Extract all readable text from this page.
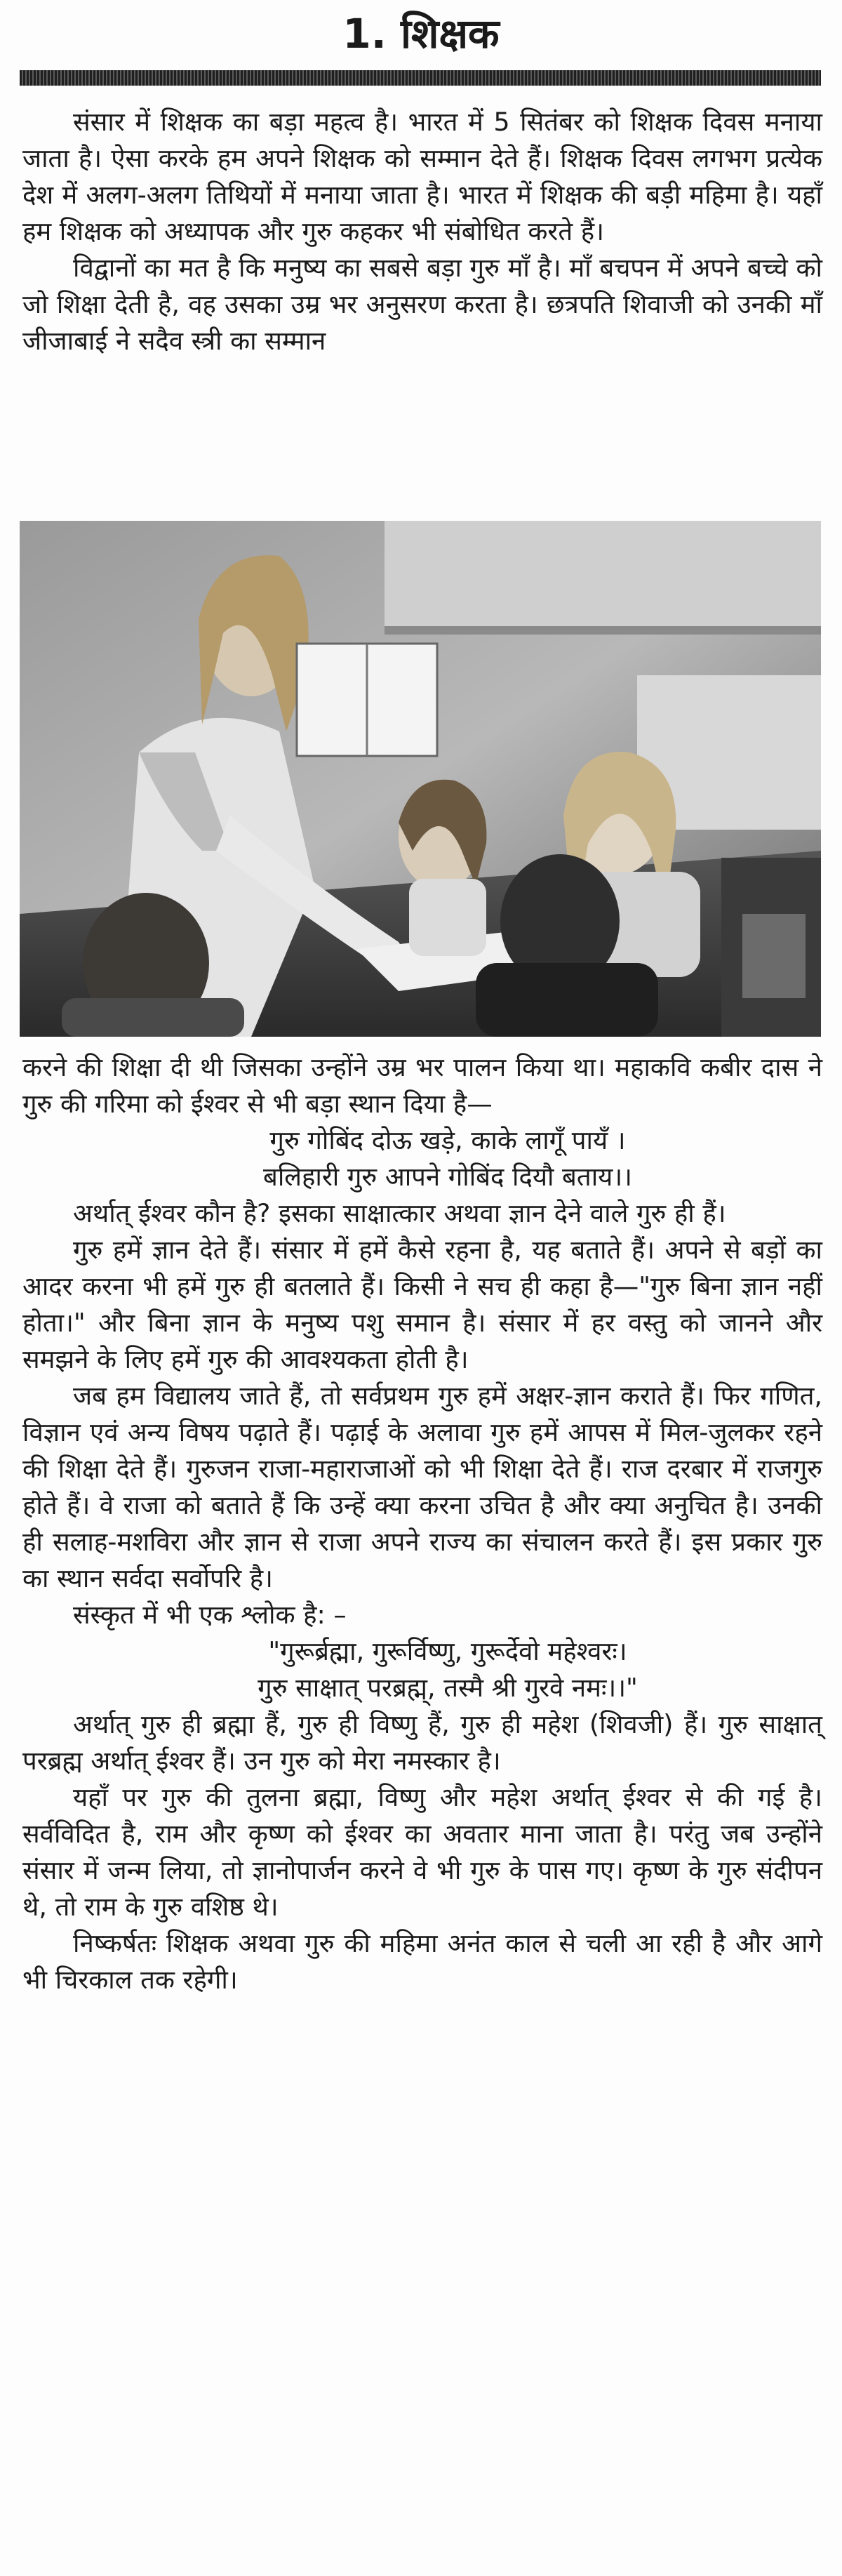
1. शिक्षक

संसार में शिक्षक का बड़ा महत्व है। भारत में 5 सितंबर को शिक्षक दिवस मनाया जाता है। ऐसा करके हम अपने शिक्षक को सम्मान देते हैं। शिक्षक दिवस लगभग प्रत्येक देश में अलग-अलग तिथियों में मनाया जाता है। भारत में शिक्षक की बड़ी महिमा है। यहाँ हम शिक्षक को अध्यापक और गुरु कहकर भी संबोधित करते हैं।

विद्वानों का मत है कि मनुष्य का सबसे बड़ा गुरु माँ है। माँ बचपन में अपने बच्चे को जो शिक्षा देती है, वह उसका उम्र भर अनुसरण करता है। छत्रपति शिवाजी को उनकी माँ जीजाबाई ने सदैव स्त्री का सम्मान

करने की शिक्षा दी थी जिसका उन्होंने उम्र भर पालन किया था। महाकवि कबीर दास ने गुरु की गरिमा को ईश्वर से भी बड़ा स्थान दिया है—

गुरु गोबिंद दोऊ खड़े, काके लागूँ पायँ ।

बलिहारी गुरु आपने गोबिंद दियौ बताय।।

अर्थात् ईश्वर कौन है? इसका साक्षात्कार अथवा ज्ञान देने वाले गुरु ही हैं।

गुरु हमें ज्ञान देते हैं। संसार में हमें कैसे रहना है, यह बताते हैं। अपने से बड़ों का आदर करना भी हमें गुरु ही बतलाते हैं। किसी ने सच ही कहा है—"गुरु बिना ज्ञान नहीं होता।" और बिना ज्ञान के मनुष्य पशु समान है। संसार में हर वस्तु को जानने और समझने के लिए हमें गुरु की आवश्यकता होती है।

जब हम विद्यालय जाते हैं, तो सर्वप्रथम गुरु हमें अक्षर-ज्ञान कराते हैं। फिर गणित, विज्ञान एवं अन्य विषय पढ़ाते हैं। पढ़ाई के अलावा गुरु हमें आपस में मिल-जुलकर रहने की शिक्षा देते हैं। गुरुजन राजा-महाराजाओं को भी शिक्षा देते हैं। राज दरबार में राजगुरु होते हैं। वे राजा को बताते हैं कि उन्हें क्या करना उचित है और क्या अनुचित है। उनकी ही सलाह-मशविरा और ज्ञान से राजा अपने राज्य का संचालन करते हैं। इस प्रकार गुरु का स्थान सर्वदा सर्वोपरि है।

संस्कृत में भी एक श्लोक है: –

"गुरूर्ब्रह्मा, गुरूर्विष्णु, गुरूर्देवो महेश्वरः।

गुरु साक्षात् परब्रह्म्, तस्मै श्री गुरवे नमः।।"

अर्थात् गुरु ही ब्रह्मा हैं, गुरु ही विष्णु हैं, गुरु ही महेश (शिवजी) हैं। गुरु साक्षात् परब्रह्म अर्थात् ईश्वर हैं। उन गुरु को मेरा नमस्कार है।

यहाँ पर गुरु की तुलना ब्रह्मा, विष्णु और महेश अर्थात् ईश्वर से की गई है। सर्वविदित है, राम और कृष्ण को ईश्वर का अवतार माना जाता है। परंतु जब उन्होंने संसार में जन्म लिया, तो ज्ञानोपार्जन करने वे भी गुरु के पास गए। कृष्ण के गुरु संदीपन थे, तो राम के गुरु वशिष्ठ थे।

निष्कर्षतः शिक्षक अथवा गुरु की महिमा अनंत काल से चली आ रही है और आगे भी चिरकाल तक रहेगी।
